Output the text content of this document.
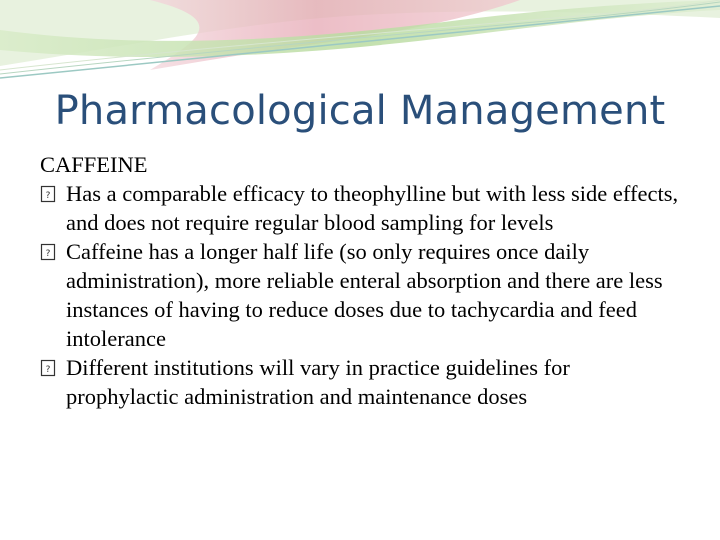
Pharmacological Management

CAFFEINE

? Has a comparable efficacy to theophylline but with less side effects, and does not require regular blood sampling for levels

? Caffeine has a longer half life (so only requires once daily administration), more reliable enteral absorption and there are less instances of having to reduce doses due to tachycardia and feed intolerance

? Different institutions will vary in practice guidelines for prophylactic administration and maintenance doses
